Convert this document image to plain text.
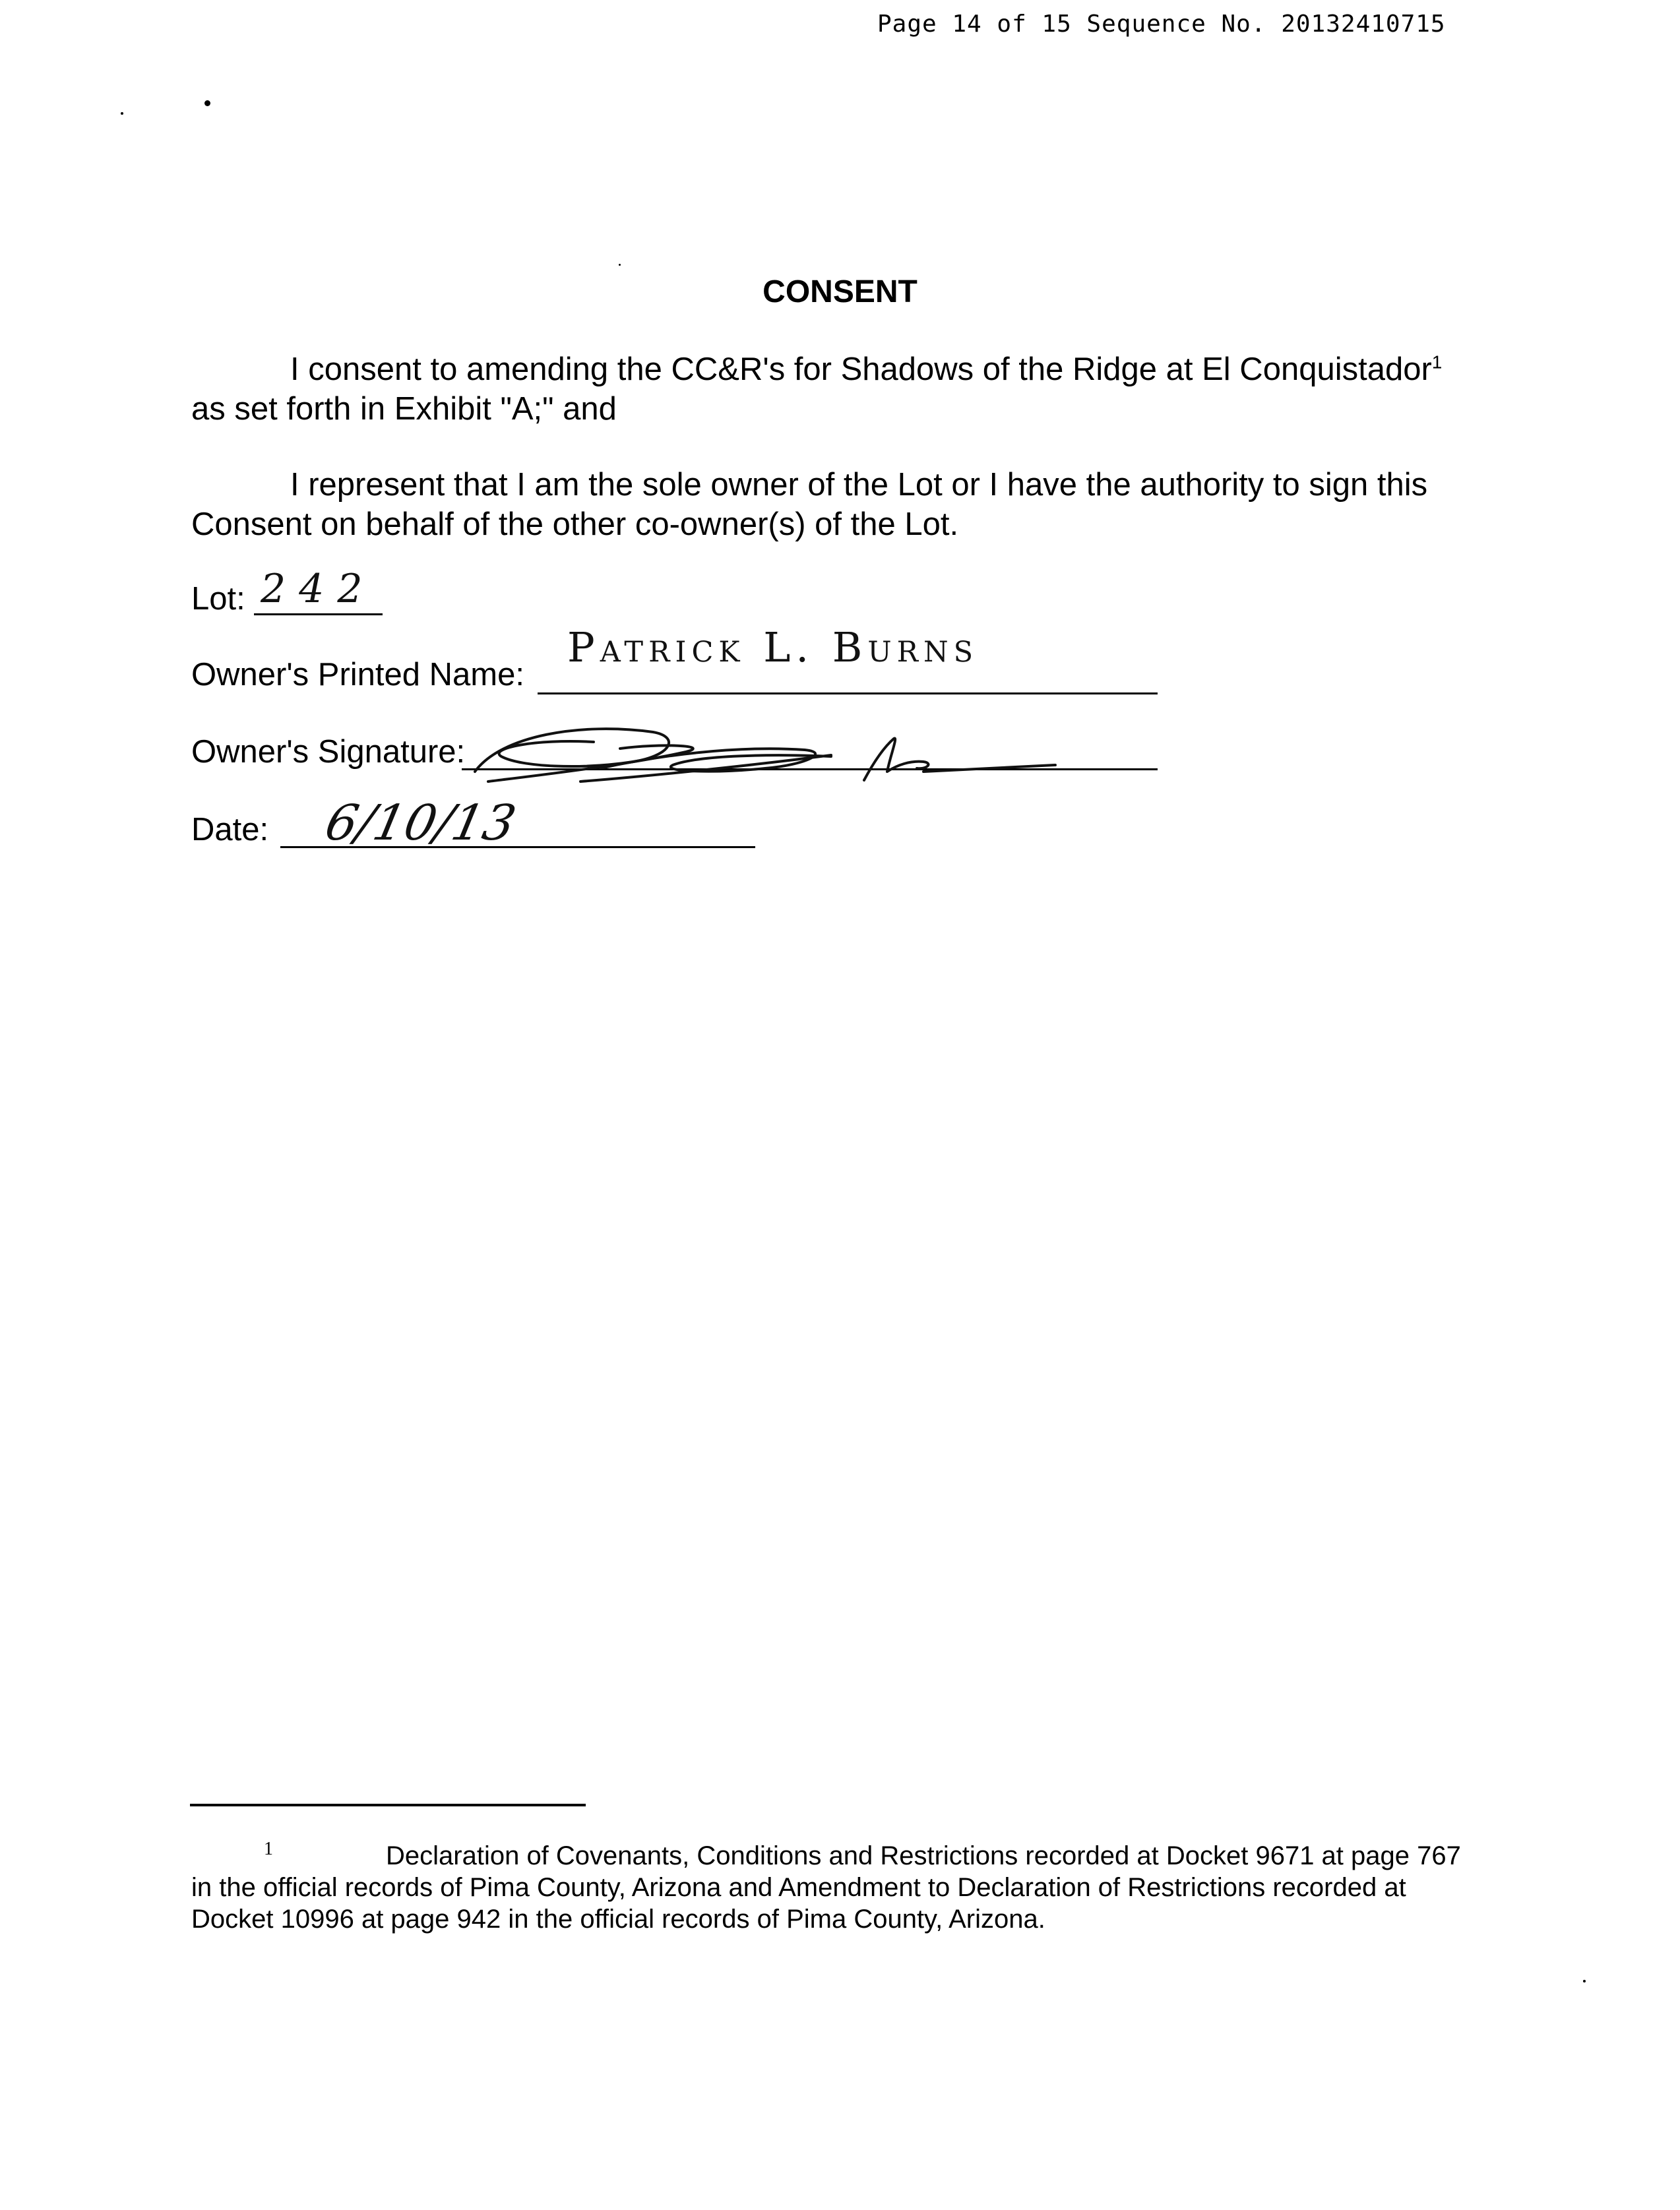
Page 14 of 15 Sequence No. 20132410715
CONSENT
I consent to amending the CC&R's for Shadows of the Ridge at El Conquistador$^1$ as set forth in Exhibit "A;" and
I represent that I am the sole owner of the Lot or I have the authority to sign this Consent on behalf of the other co-owner(s) of the Lot.
Lot: 242
Owner's Printed Name:
Patrick L. Burns
Owner's Signature:
Date: 6/10/13
1	Declaration of Covenants, Conditions and Restrictions recorded at Docket 9671 at page 767 in the official records of Pima County, Arizona and Amendment to Declaration of Restrictions recorded at Docket 10996 at page 942 in the official records of Pima County, Arizona.
